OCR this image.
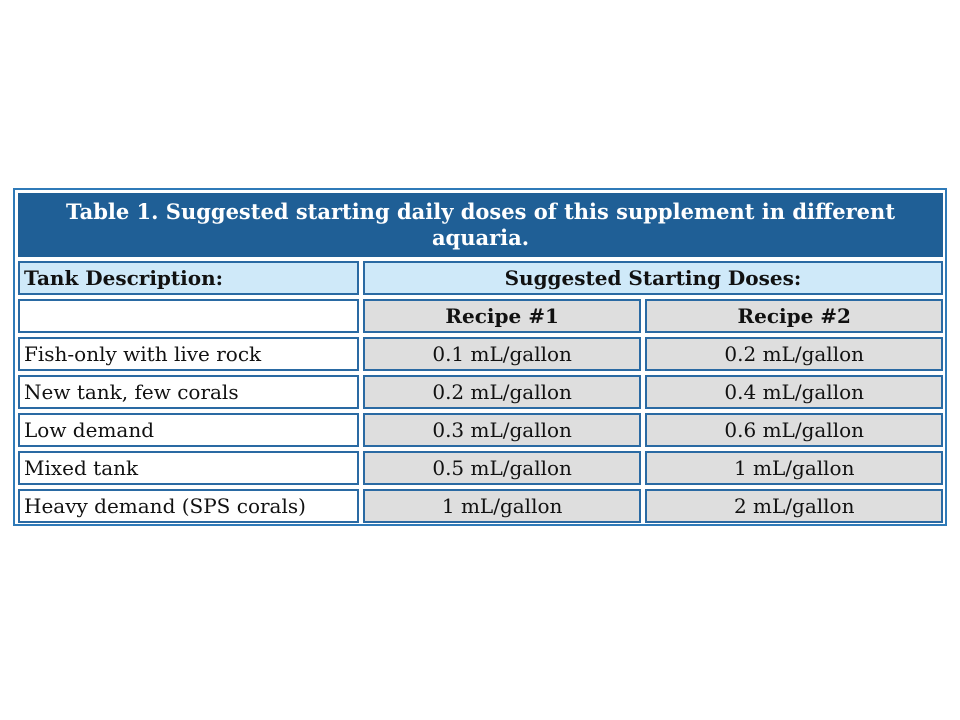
Table 1. Suggested starting daily doses of this supplement in different aquaria.		
Tank Description:	Suggested Starting Doses:	
	Recipe #1	Recipe #2
Fish-only with live rock	0.1 mL/gallon	0.2 mL/gallon
New tank, few corals	0.2 mL/gallon	0.4 mL/gallon
Low demand	0.3 mL/gallon	0.6 mL/gallon
Mixed tank	0.5 mL/gallon	1 mL/gallon
Heavy demand (SPS corals)	1 mL/gallon	2 mL/gallon
